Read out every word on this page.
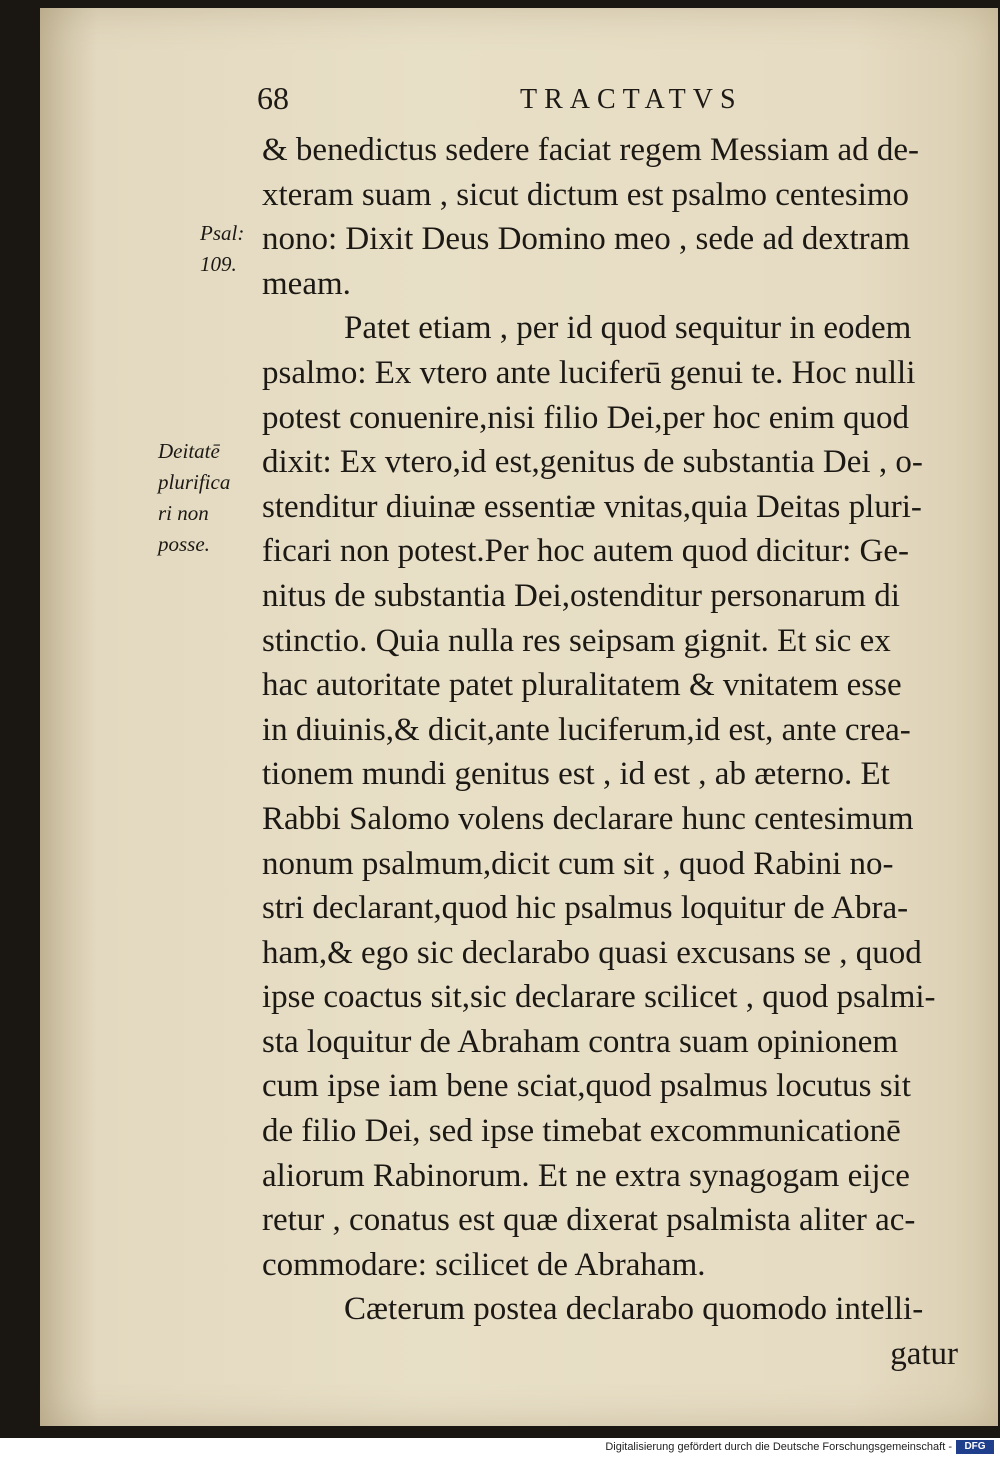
68	TRACTATVS
Psal:
109.
Deitatē
plurifica
ri non
posse.
& benedictus sedere faciat regem Messiam ad de-
xteram suam , sicut dictum est psalmo centesimo
nono: Dixit Deus Domino meo , sede ad dextram
meam.
Patet etiam , per id quod sequitur in eodem
psalmo: Ex vtero ante luciferū genui te. Hoc nulli
potest conuenire,nisi filio Dei,per hoc enim quod
dixit: Ex vtero,id est,genitus de substantia Dei , o-
stenditur diuinæ essentiæ vnitas,quia Deitas pluri-
ficari non potest.Per hoc autem quod dicitur: Ge-
nitus de substantia Dei,ostenditur personarum di
stinctio. Quia nulla res seipsam gignit. Et sic ex
hac autoritate patet pluralitatem & vnitatem esse
in diuinis,& dicit,ante luciferum,id est, ante crea-
tionem mundi genitus est , id est , ab æterno. Et
Rabbi Salomo volens declarare hunc centesimum
nonum psalmum,dicit cum sit , quod Rabini no-
stri declarant,quod hic psalmus loquitur de Abra-
ham,& ego sic declarabo quasi excusans se , quod
ipse coactus sit,sic declarare scilicet , quod psalmi-
sta loquitur de Abraham contra suam opinionem
cum ipse iam bene sciat,quod psalmus locutus sit
de filio Dei, sed ipse timebat excommunicationē
aliorum Rabinorum. Et ne extra synagogam eijce
retur , conatus est quæ dixerat psalmista aliter ac-
commodare: scilicet de Abraham.
Cæterum postea declarabo quomodo intelli-
gatur
Digitalisierung gefördert durch die Deutsche Forschungsgemeinschaft -	DFG
